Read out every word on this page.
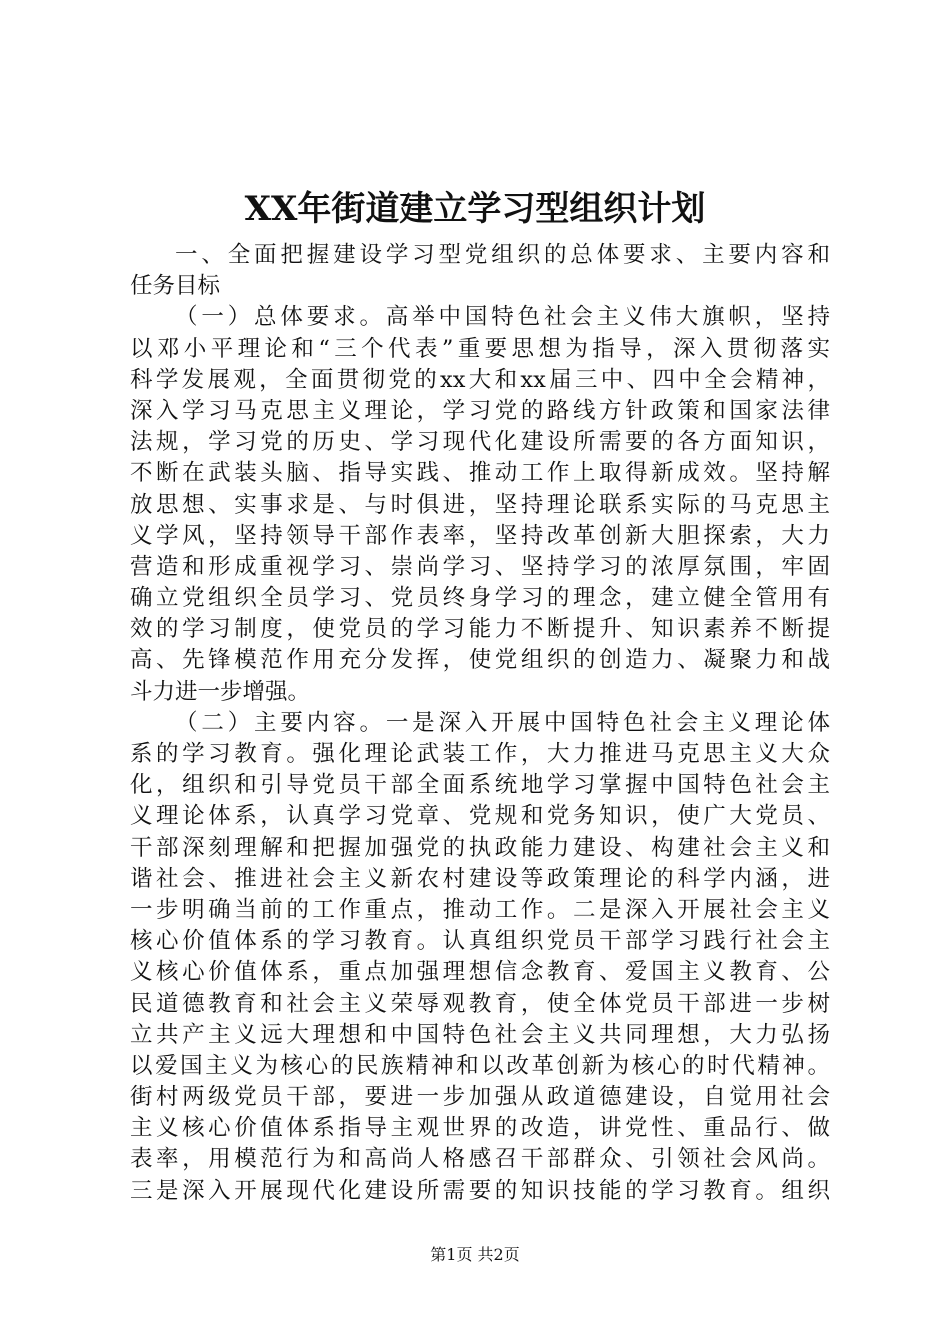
XX年街道建立学习型组织计划
一、全面把握建设学习型党组织的总体要求、主要内容和
任务目标
（一）总体要求。高举中国特色社会主义伟大旗帜，坚持
以邓小平理论和“三个代表”重要思想为指导，深入贯彻落实
科学发展观，全面贯彻党的xx大和xx届三中、四中全会精神，
深入学习马克思主义理论，学习党的路线方针政策和国家法律
法规，学习党的历史、学习现代化建设所需要的各方面知识，
不断在武装头脑、指导实践、推动工作上取得新成效。坚持解
放思想、实事求是、与时俱进，坚持理论联系实际的马克思主
义学风，坚持领导干部作表率，坚持改革创新大胆探索，大力
营造和形成重视学习、崇尚学习、坚持学习的浓厚氛围，牢固
确立党组织全员学习、党员终身学习的理念，建立健全管用有
效的学习制度，使党员的学习能力不断提升、知识素养不断提
高、先锋模范作用充分发挥，使党组织的创造力、凝聚力和战
斗力进一步增强。
（二）主要内容。一是深入开展中国特色社会主义理论体
系的学习教育。强化理论武装工作，大力推进马克思主义大众
化，组织和引导党员干部全面系统地学习掌握中国特色社会主
义理论体系，认真学习党章、党规和党务知识，使广大党员、
干部深刻理解和把握加强党的执政能力建设、构建社会主义和
谐社会、推进社会主义新农村建设等政策理论的科学内涵，进
一步明确当前的工作重点，推动工作。二是深入开展社会主义
核心价值体系的学习教育。认真组织党员干部学习践行社会主
义核心价值体系，重点加强理想信念教育、爱国主义教育、公
民道德教育和社会主义荣辱观教育，使全体党员干部进一步树
立共产主义远大理想和中国特色社会主义共同理想，大力弘扬
以爱国主义为核心的民族精神和以改革创新为核心的时代精神。
街村两级党员干部，要进一步加强从政道德建设，自觉用社会
主义核心价值体系指导主观世界的改造，讲党性、重品行、做
表率，用模范行为和高尚人格感召干部群众、引领社会风尚。
三是深入开展现代化建设所需要的知识技能的学习教育。组织
第1页 共2页
